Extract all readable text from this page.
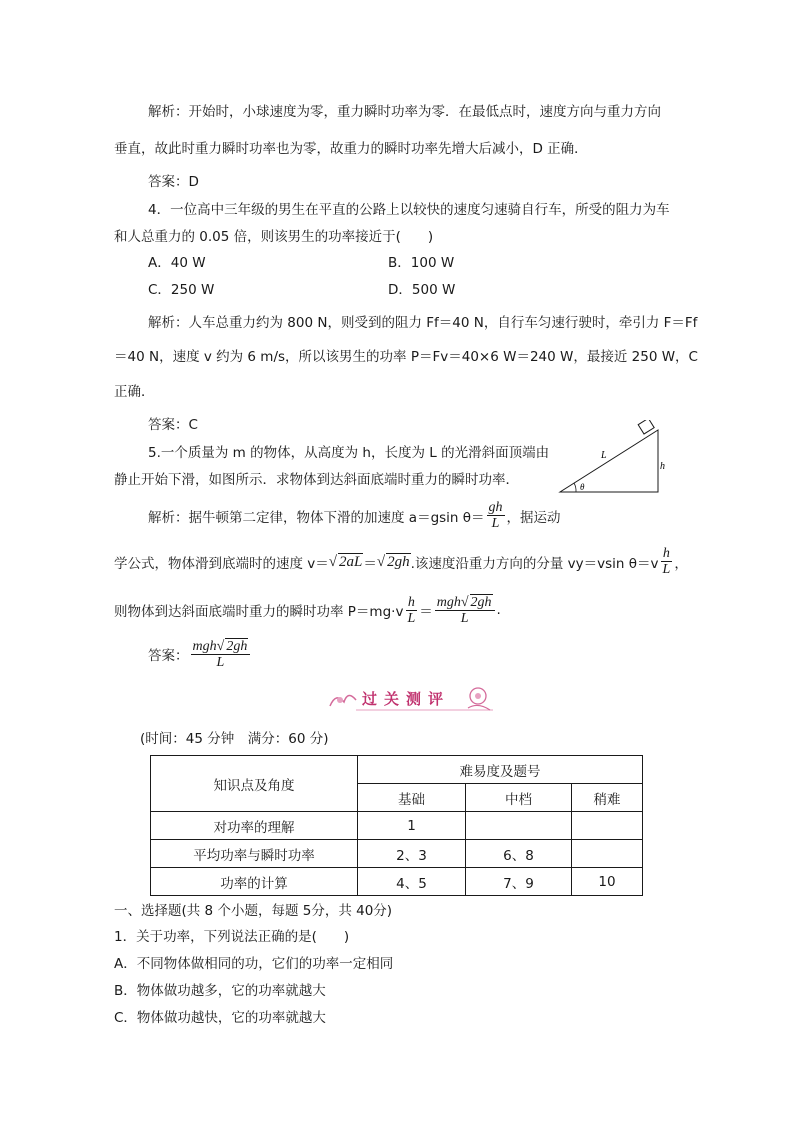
解析：开始时，小球速度为零，重力瞬时功率为零．在最低点时，速度方向与重力方向
垂直，故此时重力瞬时功率也为零，故重力的瞬时功率先增大后减小，D 正确．
答案：D
4．一位高中三年级的男生在平直的公路上以较快的速度匀速骑自行车，所受的阻力为车
和人总重力的 0.05 倍，则该男生的功率接近于(　　)
A．40 W	B．100 W
C．250 W	D．500 W
解析：人车总重力约为 800 N，则受到的阻力 Ff＝40 N，自行车匀速行驶时，牵引力 F＝Ff
＝40 N，速度 v 约为 6 m/s，所以该男生的功率 P＝Fv＝40×6 W＝240 W，最接近 250 W，C
正确．
答案：C
5.一个质量为 m 的物体，从高度为 h，长度为 L 的光滑斜面顶端由
静止开始下滑，如图所示．求物体到达斜面底端时重力的瞬时功率．
L
h
θ
解析：据牛顿第二定律，物体下滑的加速度 a＝gsin $\theta= \frac{gh}{L}$ ，据运动
学公式，物体滑到底端时的速度 v＝ √ 2aL ＝ √ 2gh .该速度沿重力方向的分量 vy＝vsin $\theta=v \frac{h}{L}$ ，
则物体到达斜面底端时重力的瞬时功率 $P=mg\cdot v \frac{h}{L} = \frac{\text{mgh√ 2gh}}{L}$ .
答案： $\frac{\text{mgh√ 2gh}}{L}$
过关测评
(时间：45 分钟　满分：60 分)
知识点及角度	难易度及题号		
	基础	中档	稍难
对功率的理解	1		
平均功率与瞬时功率	2、3	6、8	
功率的计算	4、5	7、9	10
一、选择题(共 8 个小题，每题 5分，共 40分)
1．关于功率，下列说法正确的是(　　)
A．不同物体做相同的功，它们的功率一定相同
B．物体做功越多，它的功率就越大
C．物体做功越快，它的功率就越大
